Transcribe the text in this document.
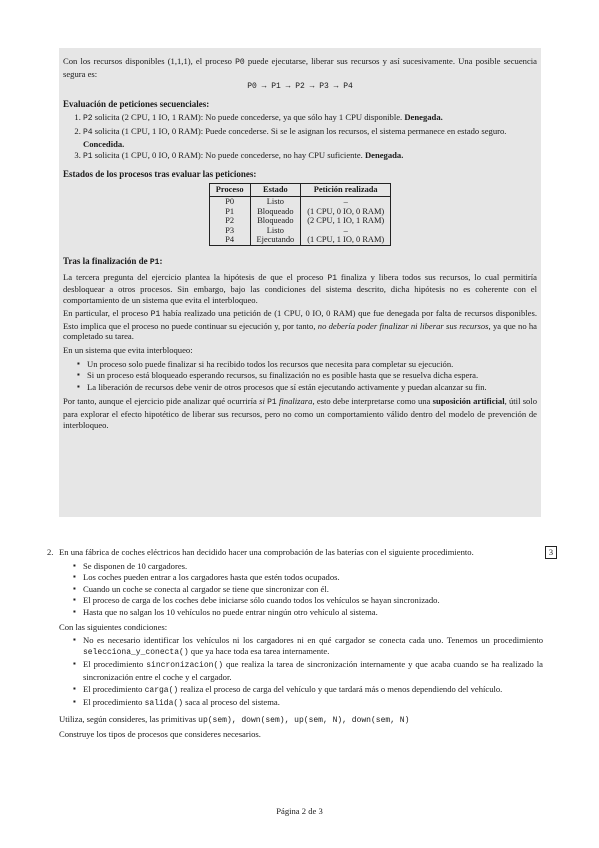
Con los recursos disponibles (1,1,1), el proceso P0 puede ejecutarse, liberar sus recursos y así sucesivamente. Una posible secuencia segura es:

P0 → P1 → P2 → P3 → P4
Evaluación de peticiones secuenciales:
1. P2 solicita (2 CPU, 1 IO, 1 RAM): No puede concederse, ya que sólo hay 1 CPU disponible. Denegada.
2. P4 solicita (1 CPU, 1 IO, 0 RAM): Puede concederse. Si se le asignan los recursos, el sistema permanece en estado seguro. Concedida.
3. P1 solicita (1 CPU, 0 IO, 0 RAM): No puede concederse, no hay CPU suficiente. Denegada.
Estados de los procesos tras evaluar las peticiones:
Proceso	Estado	Petición realizada
P0	Listo	–
P1	Bloqueado	(1 CPU, 0 IO, 0 RAM)
P2	Bloqueado	(2 CPU, 1 IO, 1 RAM)
P3	Listo	–
P4	Ejecutando	(1 CPU, 1 IO, 0 RAM)
Tras la finalización de P1:

La tercera pregunta del ejercicio plantea la hipótesis de que el proceso P1 finaliza y libera todos sus recursos, lo cual permitiría desbloquear a otros procesos. Sin embargo, bajo las condiciones del sistema descrito, dicha hipótesis no es coherente con el comportamiento de un sistema que evita el interbloqueo.

En particular, el proceso P1 había realizado una petición de (1 CPU, 0 IO, 0 RAM) que fue denegada por falta de recursos disponibles. Esto implica que el proceso no puede continuar su ejecución y, por tanto, no debería poder finalizar ni liberar sus recursos, ya que no ha completado su tarea.

En un sistema que evita interbloqueo:

▪ Un proceso solo puede finalizar si ha recibido todos los recursos que necesita para completar su ejecución.
▪ Si un proceso está bloqueado esperando recursos, su finalización no es posible hasta que se resuelva dicha espera.
▪ La liberación de recursos debe venir de otros procesos que sí están ejecutando activamente y puedan alcanzar su fin.

Por tanto, aunque el ejercicio pide analizar qué ocurriría si P1 finalizara, esto debe interpretarse como una suposición artificial, útil solo para explorar el efecto hipotético de liberar sus recursos, pero no como un comportamiento válido dentro del modelo de prevención de interbloqueo.

2.	3

En una fábrica de coches eléctricos han decidido hacer una comprobación de las baterías con el siguiente procedimiento.

▪ Se disponen de 10 cargadores.
▪ Los coches pueden entrar a los cargadores hasta que estén todos ocupados.
▪ Cuando un coche se conecta al cargador se tiene que sincronizar con él.
▪ El proceso de carga de los coches debe iniciarse sólo cuando todos los vehículos se hayan sincronizado.
▪ Hasta que no salgan los 10 vehículos no puede entrar ningún otro vehículo al sistema.

Con las siguientes condiciones:

▪ No es necesario identificar los vehículos ni los cargadores ni en qué cargador se conecta cada uno. Tenemos un procedimiento selecciona_y_conecta() que ya hace toda esa tarea internamente.
▪ El procedimiento sincronizacion() que realiza la tarea de sincronización internamente y que acaba cuando se ha realizado la sincronización entre el coche y el cargador.
▪ El procedimiento carga() realiza el proceso de carga del vehículo y que tardará más o menos dependiendo del vehículo.
▪ El procedimiento salida() saca al proceso del sistema.

Utiliza, según consideres, las primitivas up(sem), down(sem), up(sem, N), down(sem, N)

Construye los tipos de procesos que consideres necesarios.

Página 2 de 3
